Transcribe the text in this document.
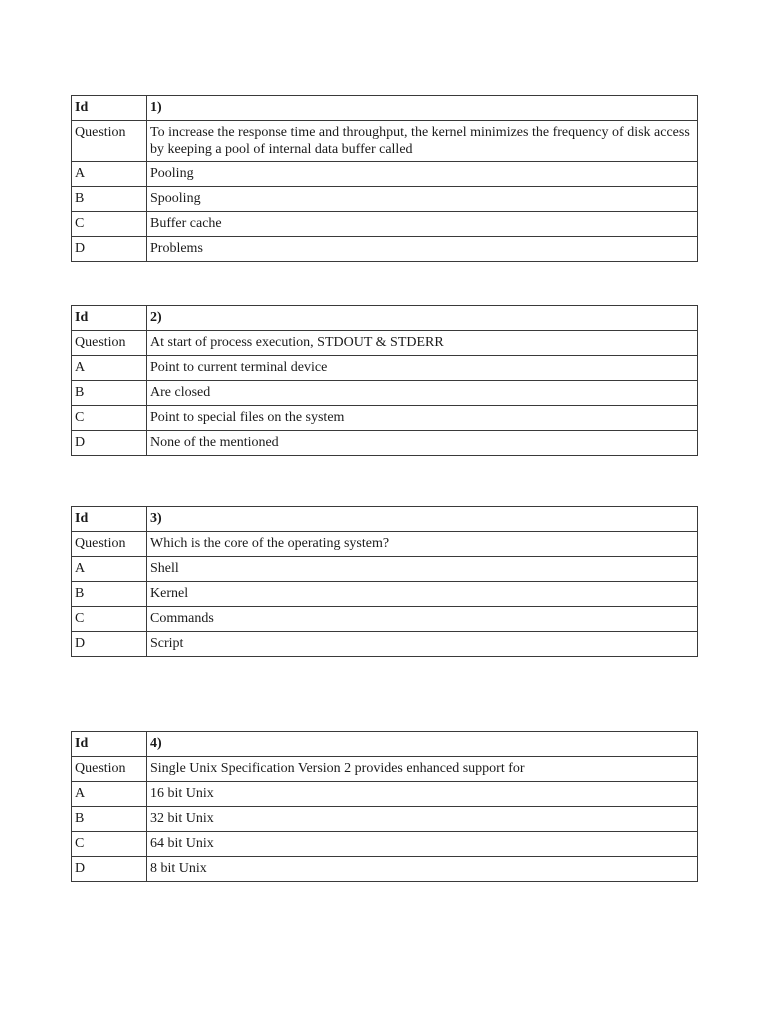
Id	1)
Question	To increase the response time and throughput, the kernel minimizes the frequency of disk access by keeping a pool of internal data buffer called
A	Pooling
B	Spooling
C	Buffer cache
D	Problems
Id	2)
Question	At start of process execution, STDOUT & STDERR
A	Point to current terminal device
B	Are closed
C	Point to special files on the system
D	None of the mentioned
Id	3)
Question	Which is the core of the operating system?
A	Shell
B	Kernel
C	Commands
D	Script
Id	4)
Question	Single Unix Specification Version 2 provides enhanced support for
A	16 bit Unix
B	32 bit Unix
C	64 bit Unix
D	8 bit Unix
